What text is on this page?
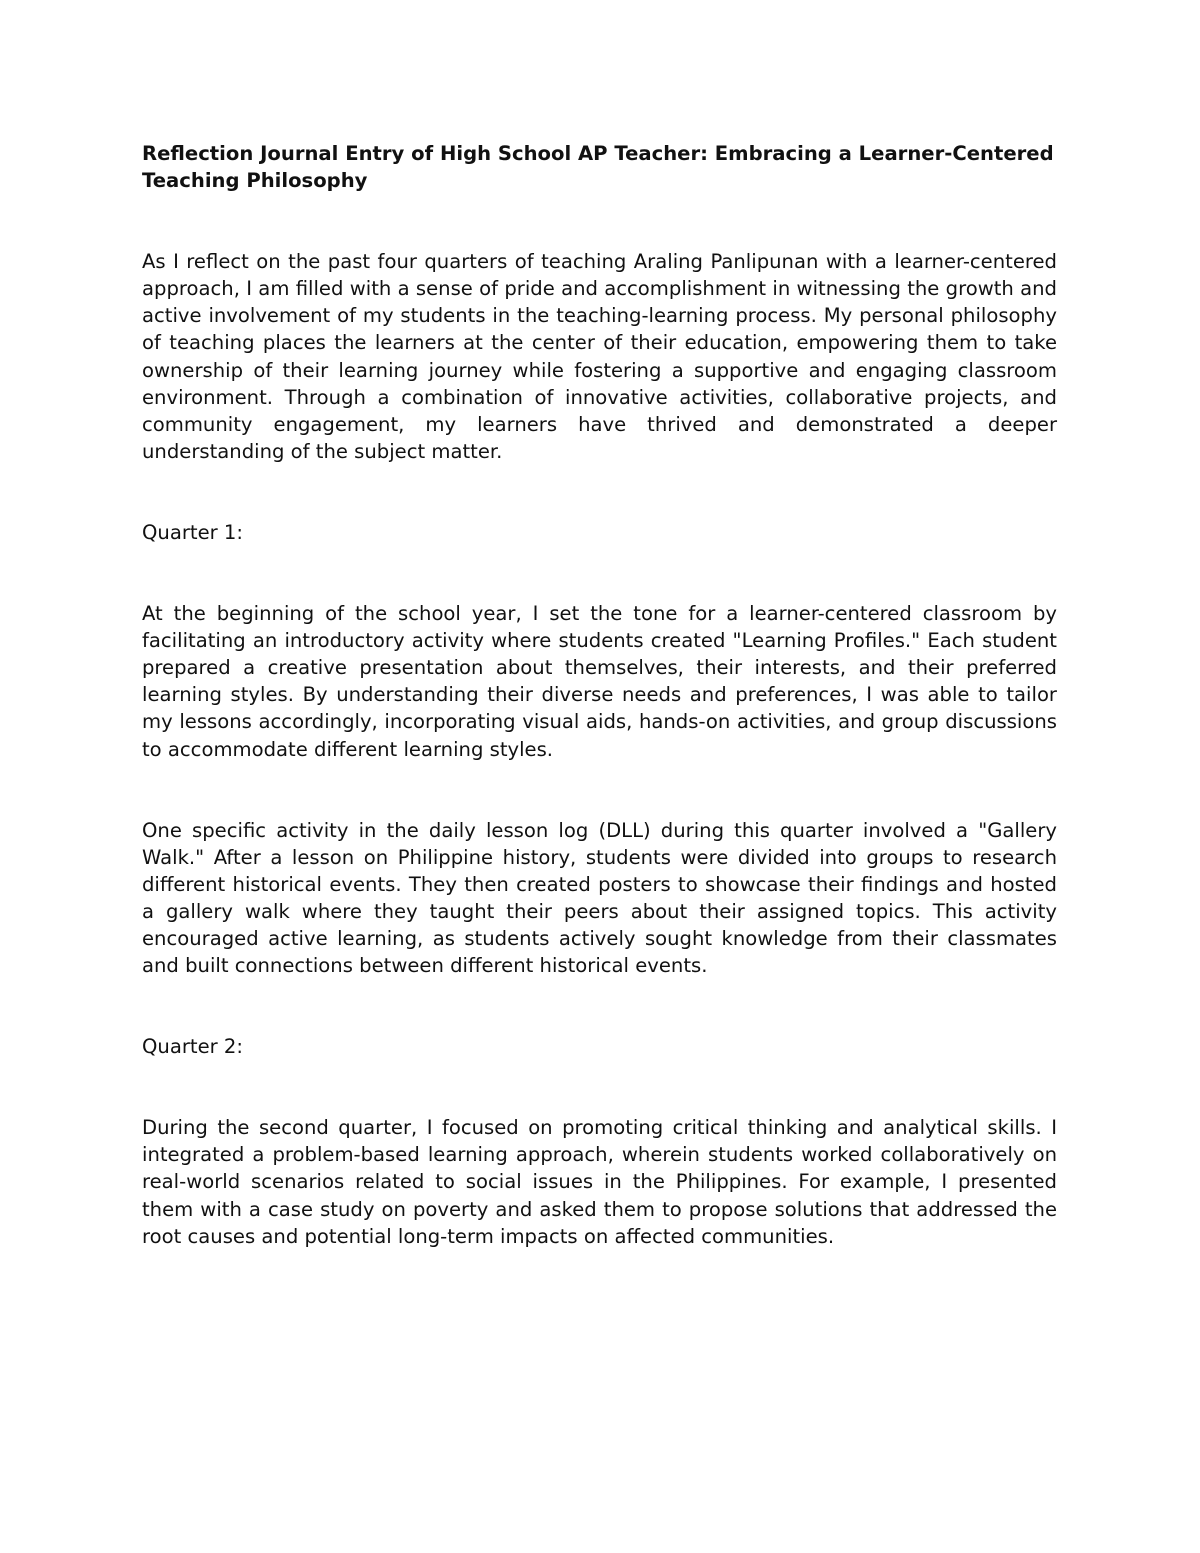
Reflection Journal Entry of High School AP Teacher: Embracing a Learner-Centered Teaching Philosophy

As I reflect on the past four quarters of teaching Araling Panlipunan with a learner-centered approach, I am filled with a sense of pride and accomplishment in witnessing the growth and active involvement of my students in the teaching-learning process. My personal philosophy of teaching places the learners at the center of their education, empowering them to take ownership of their learning journey while fostering a supportive and engaging classroom environment. Through a combination of innovative activities, collaborative projects, and community engagement, my learners have thrived and demonstrated a deeper understanding of the subject matter.

Quarter 1:

At the beginning of the school year, I set the tone for a learner-centered classroom by facilitating an introductory activity where students created "Learning Profiles." Each student prepared a creative presentation about themselves, their interests, and their preferred learning styles. By understanding their diverse needs and preferences, I was able to tailor my lessons accordingly, incorporating visual aids, hands-on activities, and group discussions to accommodate different learning styles.

One specific activity in the daily lesson log (DLL) during this quarter involved a "Gallery Walk." After a lesson on Philippine history, students were divided into groups to research different historical events. They then created posters to showcase their findings and hosted a gallery walk where they taught their peers about their assigned topics. This activity encouraged active learning, as students actively sought knowledge from their classmates and built connections between different historical events.

Quarter 2:

During the second quarter, I focused on promoting critical thinking and analytical skills. I integrated a problem-based learning approach, wherein students worked collaboratively on real-world scenarios related to social issues in the Philippines. For example, I presented them with a case study on poverty and asked them to propose solutions that addressed the root causes and potential long-term impacts on affected communities.
